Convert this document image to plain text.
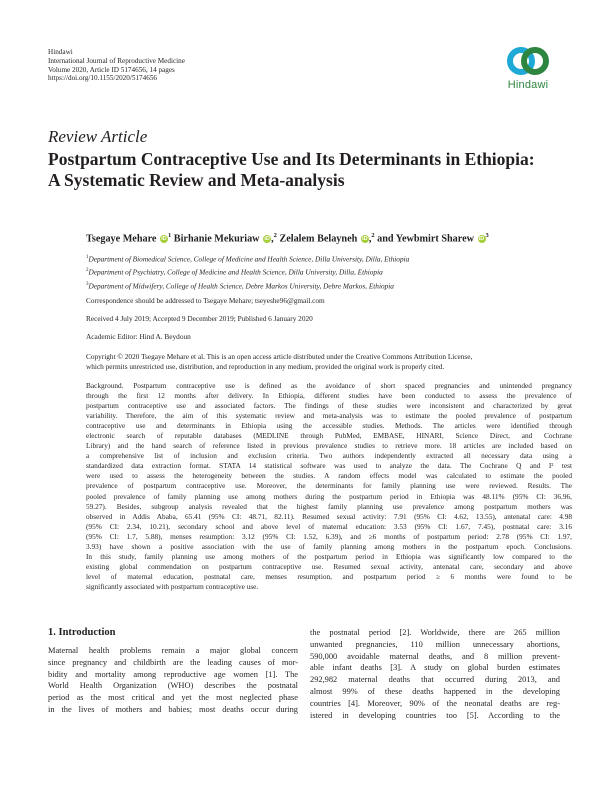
Hindawi
International Journal of Reproductive Medicine
Volume 2020, Article ID 5174656, 14 pages
https://doi.org/10.1155/2020/5174656
Hindawi
Review Article
Postpartum Contraceptive Use and Its Determinants in Ethiopia:
A Systematic Review and Meta-analysis
Tsegaye Mehare $iD^1$ Birhanie Mekuriaw iD,$^2$ Zelalem Belayneh iD,$^2$ and Yewbmirt Sharew $iD^3$
$^1$Department of Biomedical Science, College of Medicine and Health Science, Dilla University, Dilla, Ethiopia
$^2$Department of Psychiatry, College of Medicine and Health Science, Dilla University, Dilla, Ethiopia
$^3$Department of Midwifery, College of Health Science, Debre Markos University, Debre Markos, Ethiopia
Correspondence should be addressed to Tsegaye Mehare; tseyeshe96@gmail.com
Received 4 July 2019; Accepted 9 December 2019; Published 6 January 2020
Academic Editor: Hind A. Beydoun
Copyright © 2020 Tsegaye Mehare et al. This is an open access article distributed under the Creative Commons Attribution License,
which permits unrestricted use, distribution, and reproduction in any medium, provided the original work is properly cited.
Background. Postpartum contraceptive use is defined as the avoidance of short spaced pregnancies and unintended pregnancy
through the first 12 months after delivery. In Ethiopia, different studies have been conducted to assess the prevalence of
postpartum contraceptive use and associated factors. The findings of these studies were inconsistent and characterized by great
variability. Therefore, the aim of this systematic review and meta-analysis was to estimate the pooled prevalence of postpartum
contraceptive use and determinants in Ethiopia using the accessible studies. Methods. The articles were identified through
electronic search of reputable databases (MEDLINE through PubMed, EMBASE, HINARI, Science Direct, and Cochrane
Library) and the hand search of reference listed in previous prevalence studies to retrieve more. 18 articles are included based on
a comprehensive list of inclusion and exclusion criteria. Two authors independently extracted all necessary data using a
standardized data extraction format. STATA 14 statistical software was used to analyze the data. The Cochrane Q and I² test
were used to assess the heterogeneity between the studies. A random effects model was calculated to estimate the pooled
prevalence of postpartum contraceptive use. Moreover, the determinants for family planning use were reviewed. Results. The
pooled prevalence of family planning use among mothers during the postpartum period in Ethiopia was 48.11% (95% CI: 36.96,
59.27). Besides, subgroup analysis revealed that the highest family planning use prevalence among postpartum mothers was
observed in Addis Ababa, 65.41 (95% CI: 48.71, 82.11). Resumed sexual activity: 7.91 (95% CI: 4.62, 13.55), antenatal care: 4.98
(95% CI: 2.34, 10.21), secondary school and above level of maternal education: 3.53 (95% CI: 1.67, 7.45), postnatal care: 3.16
(95% CI: 1.7, 5.88), menses resumption: 3.12 (95% CI: 1.52, 6.39), and ≥6 months of postpartum period: 2.78 (95% CI: 1.97,
3.93) have shown a positive association with the use of family planning among mothers in the postpartum epoch. Conclusions.
In this study, family planning use among mothers of the postpartum period in Ethiopia was significantly low compared to the
existing global commendation on postpartum contraceptive use. Resumed sexual activity, antenatal care, secondary and above
level of maternal education, postnatal care, menses resumption, and postpartum period ≥ 6 months were found to be
significantly associated with postpartum contraceptive use.
1. Introduction
Maternal health problems remain a major global concern
since pregnancy and childbirth are the leading causes of mor-
bidity and mortality among reproductive age women [1]. The
World Health Organization (WHO) describes the postnatal
period as the most critical and yet the most neglected phase
in the lives of mothers and babies; most deaths occur during
the postnatal period [2]. Worldwide, there are 265 million
unwanted pregnancies, 110 million unnecessary abortions,
590,000 avoidable maternal deaths, and 8 million prevent-
able infant deaths [3]. A study on global burden estimates
292,982 maternal deaths that occurred during 2013, and
almost 99% of these deaths happened in the developing
countries [4]. Moreover, 90% of the neonatal deaths are reg-
istered in developing countries too [5]. According to the
